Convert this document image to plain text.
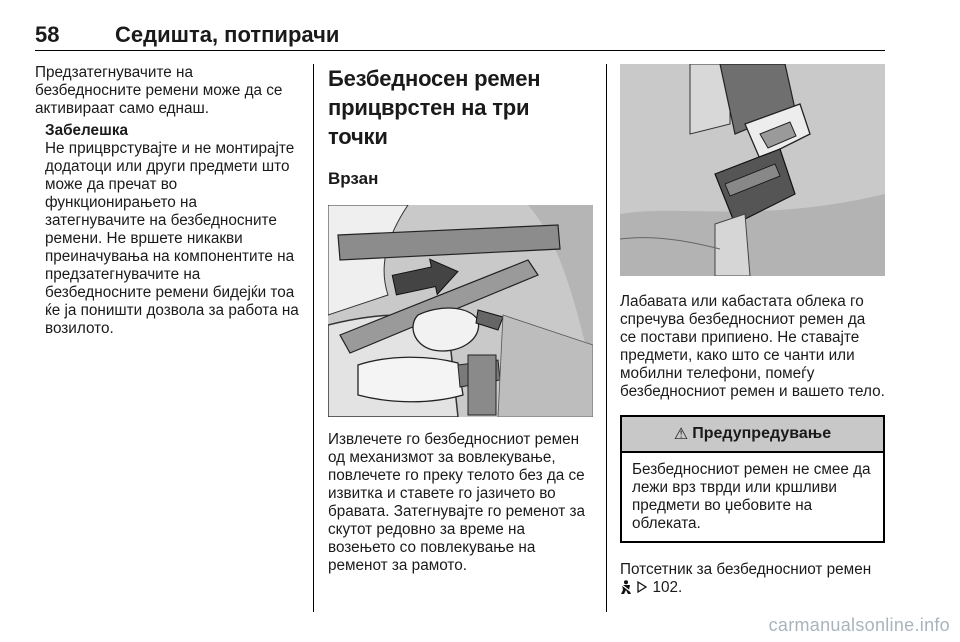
58	Седишта, потпирачи

Предзатегнувачите на безбедносните ремени може да се активираат само еднаш.

Забелешка

Не прицврстувајте и не монтирајте додатоци или други предмети што може да пречат во функционирањето на затегнувачите на безбедносните ремени. Не вршете никакви преиначувања на компонентите на предзатегнувачите на безбедносните ремени бидејќи тоа ќе ја поништи дозвола за работа на возилото.

Безбедносен ремен прицврстен на три точки
Врзан

Извлечете го безбедносниот ремен од механизмот за вовлекување, повлечете го преку телото без да се извитка и ставете го јазичето во бравата. Затегнувајте го ременот за скутот редовно за време на возењето со повлекување на ременот за рамото.

Лабавата или кабастата облека го спречува безбедносниот ремен да се постави припиено. Не ставајте предмети, како што се чанти или мобилни телефони, помеѓу безбедносниот ремен и вашето тело.

⚠ Предупредување

Безбедносниот ремен не смее да лежи врз тврди или кршливи предмети во џебовите на облеката.

Потсетник за безбедносниот ремен   102.

carmanualsonline.info
